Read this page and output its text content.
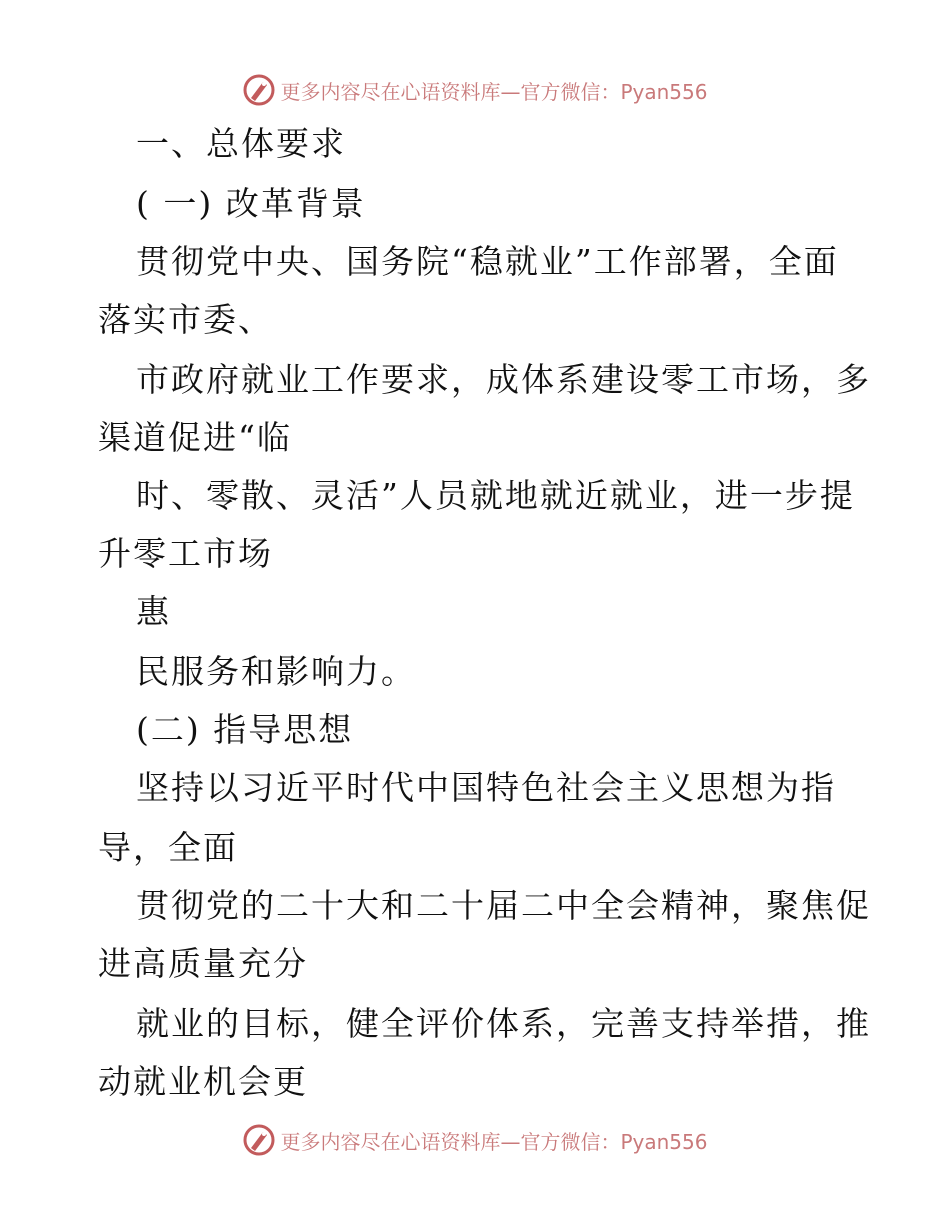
更多内容尽在心语资料库—官方微信：Pyan556
一、总体要求
( 一) 改革背景
贯彻党中央、国务院“稳就业”工作部署，全面
落实市委、
市政府就业工作要求，成体系建设零工市场，多
渠道促进“临
时、零散、灵活”人员就地就近就业，进一步提
升零工市场
惠
民服务和影响力。
(二) 指导思想
坚持以习近平时代中国特色社会主义思想为指
导，全面
贯彻党的二十大和二十届二中全会精神，聚焦促
进高质量充分
就业的目标，健全评价体系，完善支持举措，推
动就业机会更
更多内容尽在心语资料库—官方微信：Pyan556
